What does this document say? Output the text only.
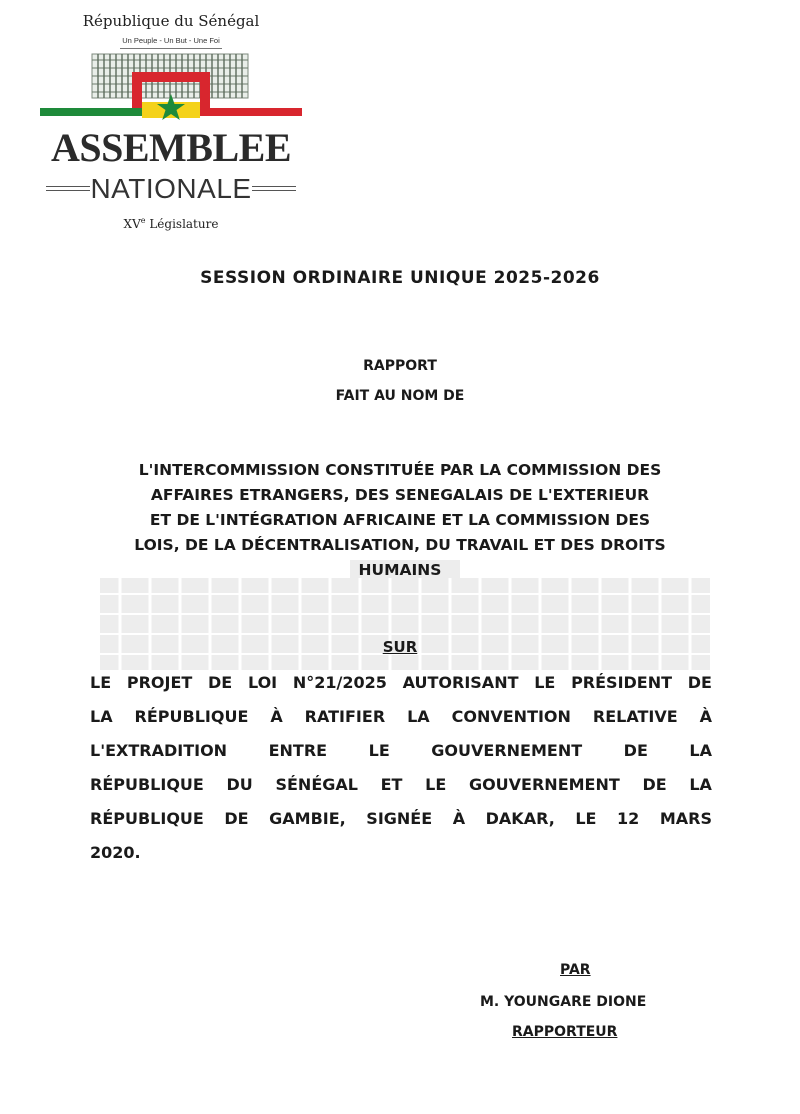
République du Sénégal
Un Peuple - Un But - Une Foi
ASSEMBLEE
NATIONALE
XVe Législature
SESSION ORDINAIRE UNIQUE 2025-2026
RAPPORT
FAIT AU NOM DE
L'INTERCOMMISSION CONSTITUÉE PAR LA COMMISSION DES
AFFAIRES ETRANGERS, DES SENEGALAIS DE L'EXTERIEUR
ET DE L'INTÉGRATION AFRICAINE ET LA COMMISSION DES
LOIS, DE LA DÉCENTRALISATION, DU TRAVAIL ET DES DROITS
HUMAINS
SUR
LE PROJET DE LOI N°21/2025 AUTORISANT LE PRÉSIDENT DE
LA RÉPUBLIQUE À RATIFIER LA CONVENTION RELATIVE À
L'EXTRADITION	ENTRE	LE	GOUVERNEMENT	DE	LA
RÉPUBLIQUE DU SÉNÉGAL ET LE GOUVERNEMENT DE LA
RÉPUBLIQUE DE GAMBIE, SIGNÉE À DAKAR, LE 12 MARS
2020.
PAR
M. YOUNGARE DIONE
RAPPORTEUR
